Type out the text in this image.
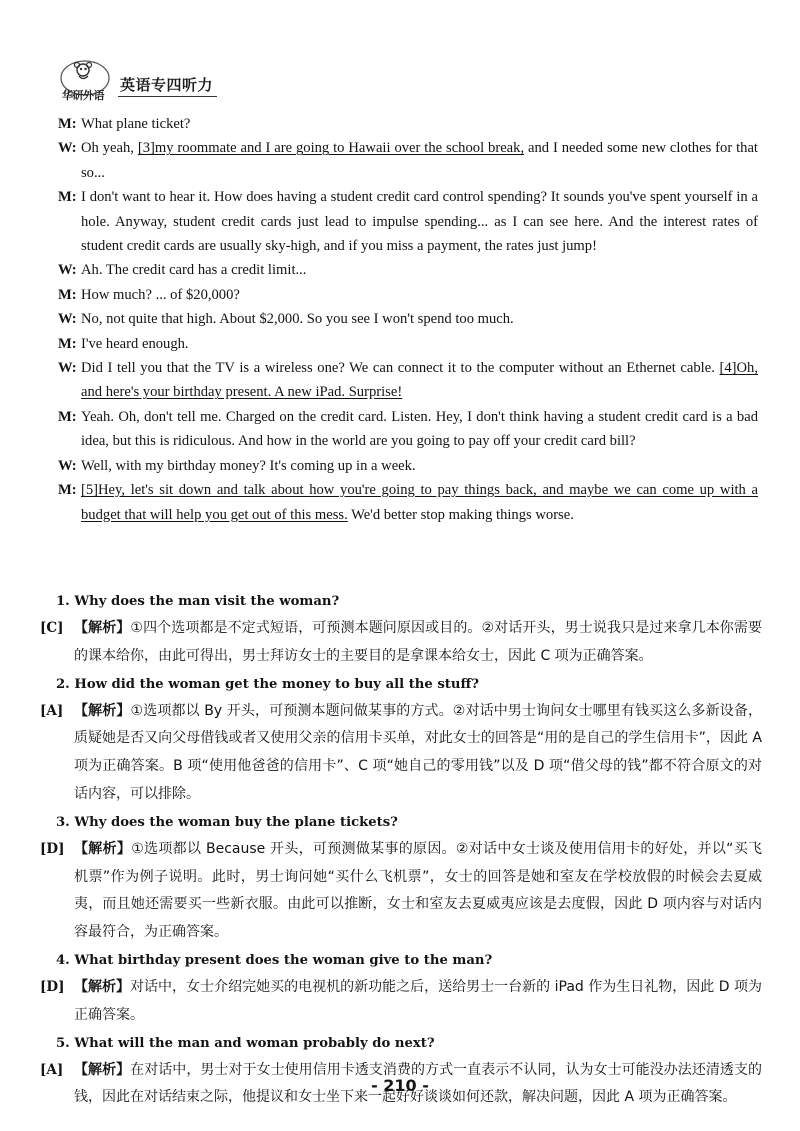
华研外语
英语专四听力
M: What plane ticket?
W: Oh yeah, [3]my roommate and I are going to Hawaii over the school break, and I needed some new clothes for that so...
M: I don't want to hear it. How does having a student credit card control spending? It sounds you've spent yourself in a hole. Anyway, student credit cards just lead to impulse spending... as I can see here. And the interest rates of student credit cards are usually sky-high, and if you miss a payment, the rates just jump!
W: Ah. The credit card has a credit limit...
M: How much? ... of $20,000?
W: No, not quite that high. About $2,000. So you see I won't spend too much.
M: I've heard enough.
W: Did I tell you that the TV is a wireless one? We can connect it to the computer without an Ethernet cable. [4]Oh, and here's your birthday present. A new iPad. Surprise!
M: Yeah. Oh, don't tell me. Charged on the credit card. Listen. Hey, I don't think having a student credit card is a bad idea, but this is ridiculous. And how in the world are you going to pay off your credit card bill?
W: Well, with my birthday money? It's coming up in a week.
M: [5]Hey, let's sit down and talk about how you're going to pay things back, and maybe we can come up with a budget that will help you get out of this mess. We'd better stop making things worse.

1. Why does the man visit the woman?

[C] 【解析】①四个选项都是不定式短语，可预测本题问原因或目的。②对话开头，男士说我只是过来拿几本你需要的课本给你，由此可得出，男士拜访女士的主要目的是拿课本给女士，因此 C 项为正确答案。

2. How did the woman get the money to buy all the stuff?

[A] 【解析】①选项都以 By 开头，可预测本题问做某事的方式。②对话中男士询问女士哪里有钱买这么多新设备，质疑她是否又向父母借钱或者又使用父亲的信用卡买单，对此女士的回答是“用的是自己的学生信用卡”，因此 A 项为正确答案。B 项“使用他爸爸的信用卡”、C 项“她自己的零用钱”以及 D 项“借父母的钱”都不符合原文的对话内容，可以排除。

3. Why does the woman buy the plane tickets?

[D] 【解析】①选项都以 Because 开头，可预测做某事的原因。②对话中女士谈及使用信用卡的好处，并以“买飞机票”作为例子说明。此时，男士询问她“买什么飞机票”，女士的回答是她和室友在学校放假的时候会去夏威夷，而且她还需要买一些新衣服。由此可以推断，女士和室友去夏威夷应该是去度假，因此 D 项内容与对话内容最符合，为正确答案。

4. What birthday present does the woman give to the man?

[D] 【解析】对话中，女士介绍完她买的电视机的新功能之后，送给男士一台新的 iPad 作为生日礼物，因此 D 项为正确答案。

5. What will the man and woman probably do next?

[A] 【解析】在对话中，男士对于女士使用信用卡透支消费的方式一直表示不认同，认为女士可能没办法还清透支的钱，因此在对话结束之际，他提议和女士坐下来一起好好谈谈如何还款，解决问题，因此 A 项为正确答案。

- 210 -
